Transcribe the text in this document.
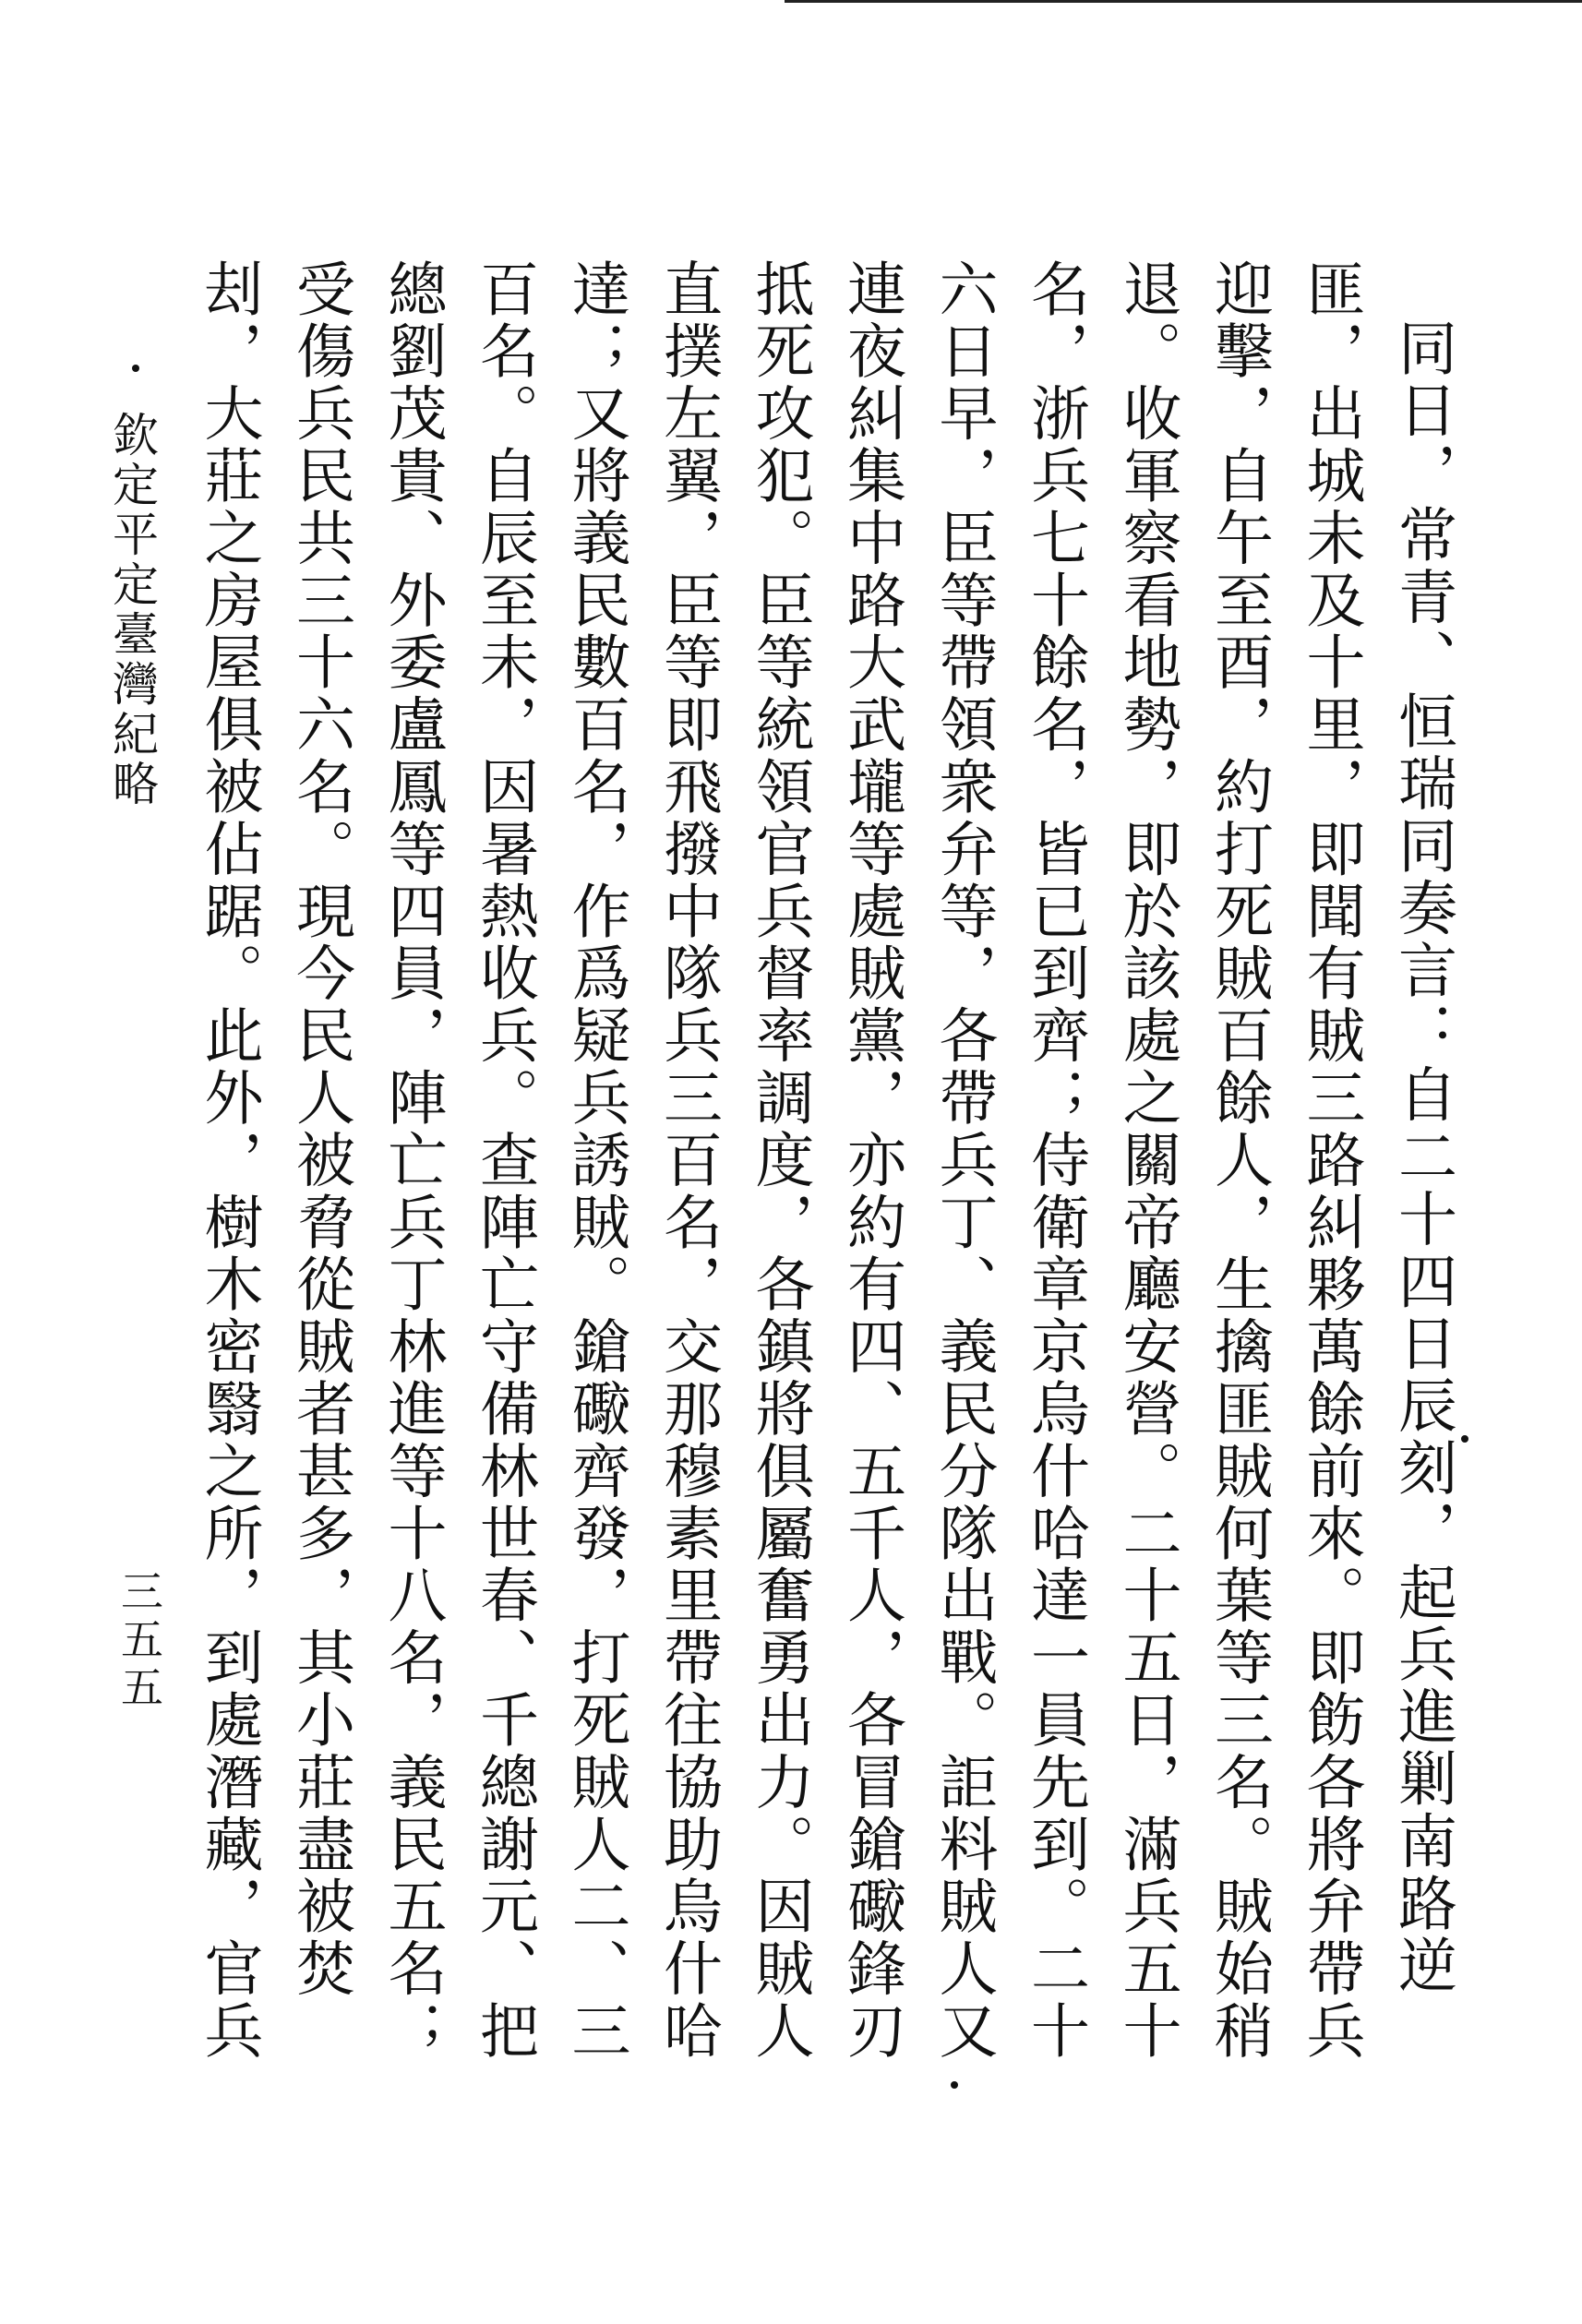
欽定平定臺灣紀略
三五五

同日，常青、恒瑞同奏言：自二十四日辰刻，起兵進剿南路逆匪，出城未及十里，即聞有賊三路糾夥萬餘前來。即飭各將弁帶兵迎擊，自午至酉，約打死賊百餘人，生擒匪賊何葉等三名。賊始稍退。收軍察看地勢，即於該處之關帝廳安營。二十五日，滿兵五十名，浙兵七十餘名，皆已到齊；侍衛章京烏什哈達一員先到。二十六日早，臣等帶領衆弁等，各帶兵丁、義民分隊出戰。詎料賊人又連夜糾集中路大武壠等處賊黨，亦約有四、五千人，各冒鎗礮鋒刃抵死攻犯。臣等統領官兵督率調度，各鎮將俱屬奮勇出力。因賊人直撲左翼，臣等即飛撥中隊兵三百名，交那穆素里帶往協助烏什哈達；又將義民數百名，作爲疑兵誘賊。鎗礮齊發，打死賊人二、三百名。自辰至未，因暑熱收兵。查陣亡守備林世春、千總謝元、把總劉茂貴、外委盧鳳等四員，陣亡兵丁林進等十八名，義民五名；受傷兵民共三十六名。現今民人被脅從賊者甚多，其小莊盡被焚刦，大莊之房屋俱被佔踞。此外，樹木密翳之所，到處潛藏，官兵
